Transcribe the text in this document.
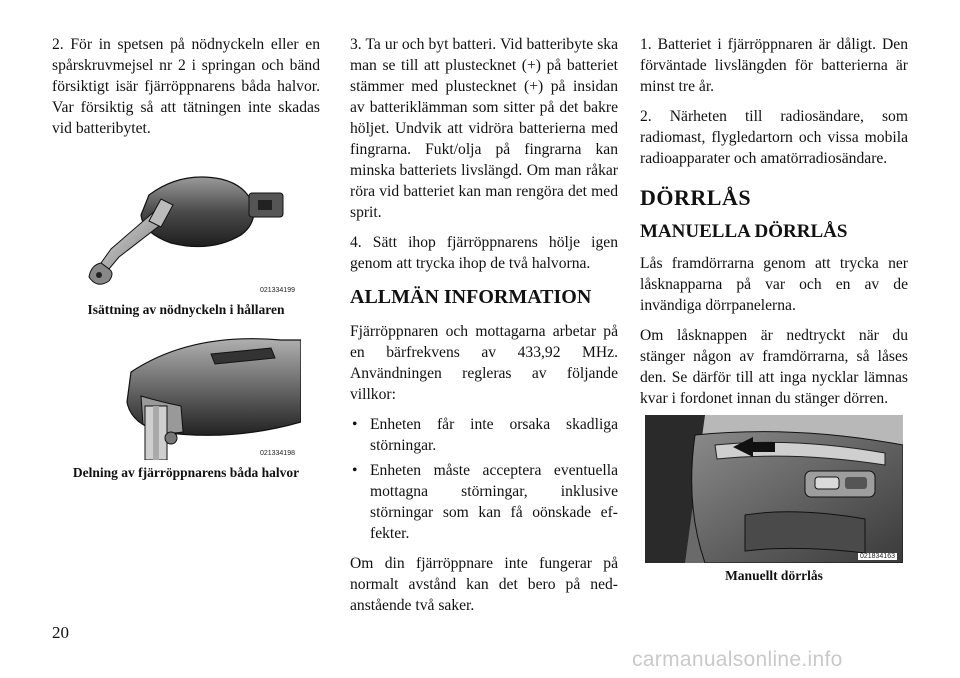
2. För in spetsen på nödnyckeln eller en spårskruvmejsel nr 2 i springan och bänd försiktigt isär fjärröppnarens båda halvor. Var försiktig så att tätningen inte skadas vid batteribytet.

021334199
Isättning av nödnyckeln i hållaren
021334198
Delning av fjärröppnarens båda halvor

3. Ta ur och byt batteri. Vid batteribyte ska man se till att plustecknet (+) på batteriet stämmer med plustecknet (+) på insidan av batteriklämman som sitter på det bakre höljet. Undvik att vidröra batterierna med fingrarna. Fukt/olja på fingrarna kan minska batteriets livslängd. Om man råkar röra vid batteriet kan man rengöra det med sprit.

4. Sätt ihop fjärröppnarens hölje igen genom att trycka ihop de två halvorna.

ALLMÄN INFORMATION

Fjärröppnaren och mottagarna arbetar på en bärfrekvens av 433,92 MHz. Användningen regleras av följande villkor:

• Enheten får inte orsaka skadliga störningar.
• Enheten måste acceptera eventuella mottagna störningar, inklusive störningar som kan få oönskade effekter.

Om din fjärröppnare inte fungerar på normalt avstånd kan det bero på nedanstående två saker.

1. Batteriet i fjärröppnaren är dåligt. Den förväntade livslängden för batterierna är minst tre år.

2. Närheten till radiosändare, som radiomast, flygledartorn och vissa mobila radioapparater och amatörradiosändare.

DÖRRLÅS
MANUELLA DÖRRLÅS

Lås framdörrarna genom att trycka ner låsknapparna på var och en av de invändiga dörrpanelerna.

Om låsknappen är nedtryckt när du stänger någon av framdörrarna, så låses den. Se därför till att inga nycklar lämnas kvar i fordonet innan du stänger dörren.

021834163
Manuellt dörrlås
20
carmanualsonline.info
